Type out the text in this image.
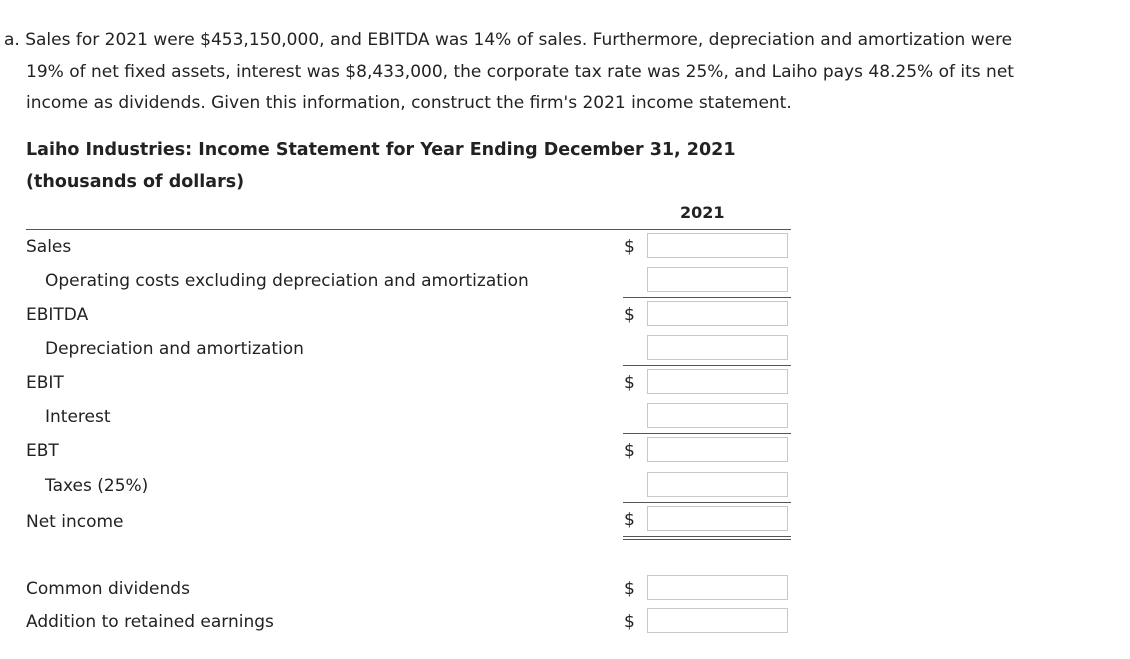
a. Sales for 2021 were $453,150,000, and EBITDA was 14% of sales. Furthermore, depreciation and amortization were
19% of net fixed assets, interest was $8,433,000, the corporate tax rate was 25%, and Laiho pays 48.25% of its net
income as dividends. Given this information, construct the firm's 2021 income statement.
Laiho Industries: Income Statement for Year Ending December 31, 2021
(thousands of dollars)
2021
Sales	$
Operating costs excluding depreciation and amortization
EBITDA	$
Depreciation and amortization
EBIT	$
Interest
EBT	$
Taxes (25%)
Net income	$
Common dividends	$
Addition to retained earnings	$
